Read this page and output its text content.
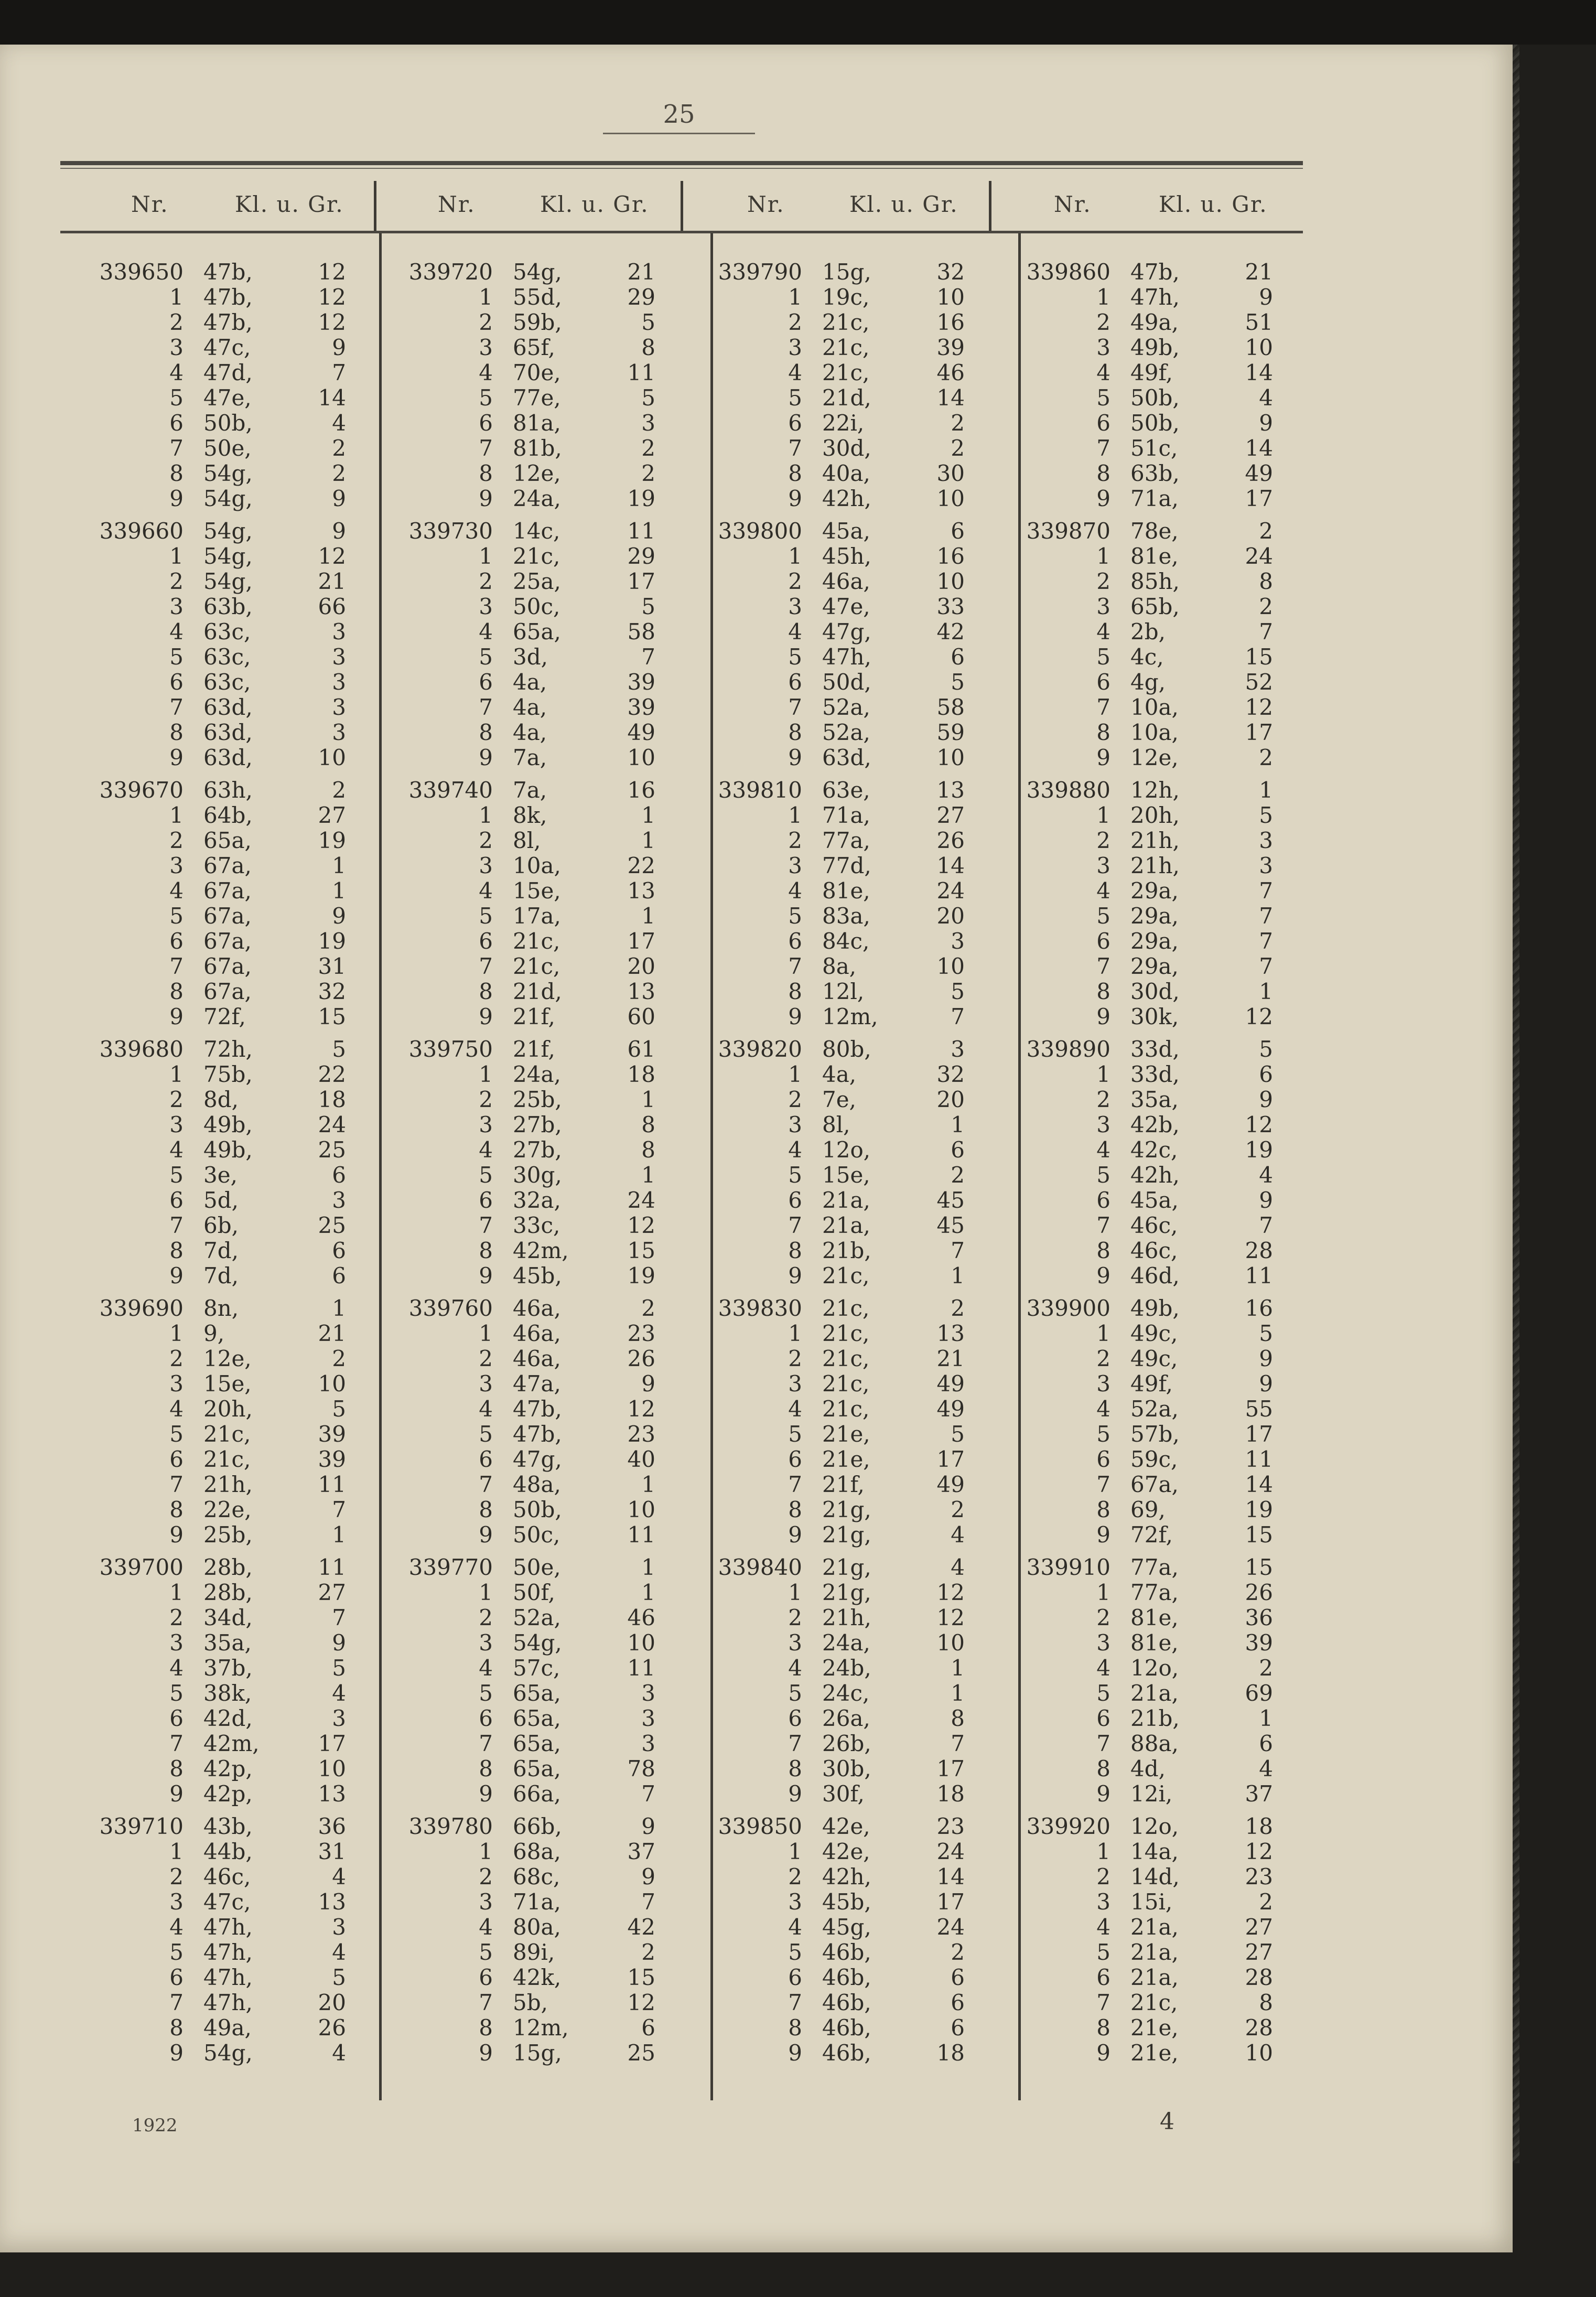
25
Nr.	Kl. u. Gr.	Nr.	Kl. u. Gr.	Nr.	Kl. u. Gr.	Nr.	Kl. u. Gr.
339650 47b,	12
1 47b,	12
2 47b,	12
3 47c,	9
4 47d,	7
5 47e,	14
6 50b,	4
7 50e,	2
8 54g,	2
9 54g,	9
339660 54g,	9
1 54g,	12
2 54g,	21
3 63b,	66
4 63c,	3
5 63c,	3
6 63c,	3
7 63d,	3
8 63d,	3
9 63d,	10
339670 63h,	2
1 64b,	27
2 65a,	19
3 67a,	1
4 67a,	1
5 67a,	9
6 67a,	19
7 67a,	31
8 67a,	32
9 72f,	15
339680 72h,	5
1 75b,	22
2 8d,	18
3 49b,	24
4 49b,	25
5 3e,	6
6 5d,	3
7 6b,	25
8 7d,	6
9 7d,	6
339690 8n,	1
1 9,	21
2 12e,	2
3 15e,	10
4 20h,	5
5 21c,	39
6 21c,	39
7 21h,	11
8 22e,	7
9 25b,	1
339700 28b,	11
1 28b,	27
2 34d,	7
3 35a,	9
4 37b,	5
5 38k,	4
6 42d,	3
7 42m,	17
8 42p,	10
9 42p,	13
339710 43b,	36
1 44b,	31
2 46c,	4
3 47c,	13
4 47h,	3
5 47h,	4
6 47h,	5
7 47h,	20
8 49a,	26
9 54g,	4
339720 54g,	21
1 55d,	29
2 59b,	5
3 65f,	8
4 70e,	11
5 77e,	5
6 81a,	3
7 81b,	2
8 12e,	2
9 24a,	19
339730 14c,	11
1 21c,	29
2 25a,	17
3 50c,	5
4 65a,	58
5 3d,	7
6 4a,	39
7 4a,	39
8 4a,	49
9 7a,	10
339740 7a,	16
1 8k,	1
2 8l,	1
3 10a,	22
4 15e,	13
5 17a,	1
6 21c,	17
7 21c,	20
8 21d,	13
9 21f,	60
339750 21f,	61
1 24a,	18
2 25b,	1
3 27b,	8
4 27b,	8
5 30g,	1
6 32a,	24
7 33c,	12
8 42m,	15
9 45b,	19
339760 46a,	2
1 46a,	23
2 46a,	26
3 47a,	9
4 47b,	12
5 47b,	23
6 47g,	40
7 48a,	1
8 50b,	10
9 50c,	11
339770 50e,	1
1 50f,	1
2 52a,	46
3 54g,	10
4 57c,	11
5 65a,	3
6 65a,	3
7 65a,	3
8 65a,	78
9 66a,	7
339780 66b,	9
1 68a,	37
2 68c,	9
3 71a,	7
4 80a,	42
5 89i,	2
6 42k,	15
7 5b,	12
8 12m,	6
9 15g,	25
339790 15g,	32
1 19c,	10
2 21c,	16
3 21c,	39
4 21c,	46
5 21d,	14
6 22i,	2
7 30d,	2
8 40a,	30
9 42h,	10
339800 45a,	6
1 45h,	16
2 46a,	10
3 47e,	33
4 47g,	42
5 47h,	6
6 50d,	5
7 52a,	58
8 52a,	59
9 63d,	10
339810 63e,	13
1 71a,	27
2 77a,	26
3 77d,	14
4 81e,	24
5 83a,	20
6 84c,	3
7 8a,	10
8 12l,	5
9 12m,	7
339820 80b,	3
1 4a,	32
2 7e,	20
3 8l,	1
4 12o,	6
5 15e,	2
6 21a,	45
7 21a,	45
8 21b,	7
9 21c,	1
339830 21c,	2
1 21c,	13
2 21c,	21
3 21c,	49
4 21c,	49
5 21e,	5
6 21e,	17
7 21f,	49
8 21g,	2
9 21g,	4
339840 21g,	4
1 21g,	12
2 21h,	12
3 24a,	10
4 24b,	1
5 24c,	1
6 26a,	8
7 26b,	7
8 30b,	17
9 30f,	18
339850 42e,	23
1 42e,	24
2 42h,	14
3 45b,	17
4 45g,	24
5 46b,	2
6 46b,	6
7 46b,	6
8 46b,	6
9 46b,	18
339860 47b,	21
1 47h,	9
2 49a,	51
3 49b,	10
4 49f,	14
5 50b,	4
6 50b,	9
7 51c,	14
8 63b,	49
9 71a,	17
339870 78e,	2
1 81e,	24
2 85h,	8
3 65b,	2
4 2b,	7
5 4c,	15
6 4g,	52
7 10a,	12
8 10a,	17
9 12e,	2
339880 12h,	1
1 20h,	5
2 21h,	3
3 21h,	3
4 29a,	7
5 29a,	7
6 29a,	7
7 29a,	7
8 30d,	1
9 30k,	12
339890 33d,	5
1 33d,	6
2 35a,	9
3 42b,	12
4 42c,	19
5 42h,	4
6 45a,	9
7 46c,	7
8 46c,	28
9 46d,	11
339900 49b,	16
1 49c,	5
2 49c,	9
3 49f,	9
4 52a,	55
5 57b,	17
6 59c,	11
7 67a,	14
8 69,	19
9 72f,	15
339910 77a,	15
1 77a,	26
2 81e,	36
3 81e,	39
4 12o,	2
5 21a,	69
6 21b,	1
7 88a,	6
8 4d,	4
9 12i,	37
339920 12o,	18
1 14a,	12
2 14d,	23
3 15i,	2
4 21a,	27
5 21a,	27
6 21a,	28
7 21c,	8
8 21e,	28
9 21e,	10
1922	4
